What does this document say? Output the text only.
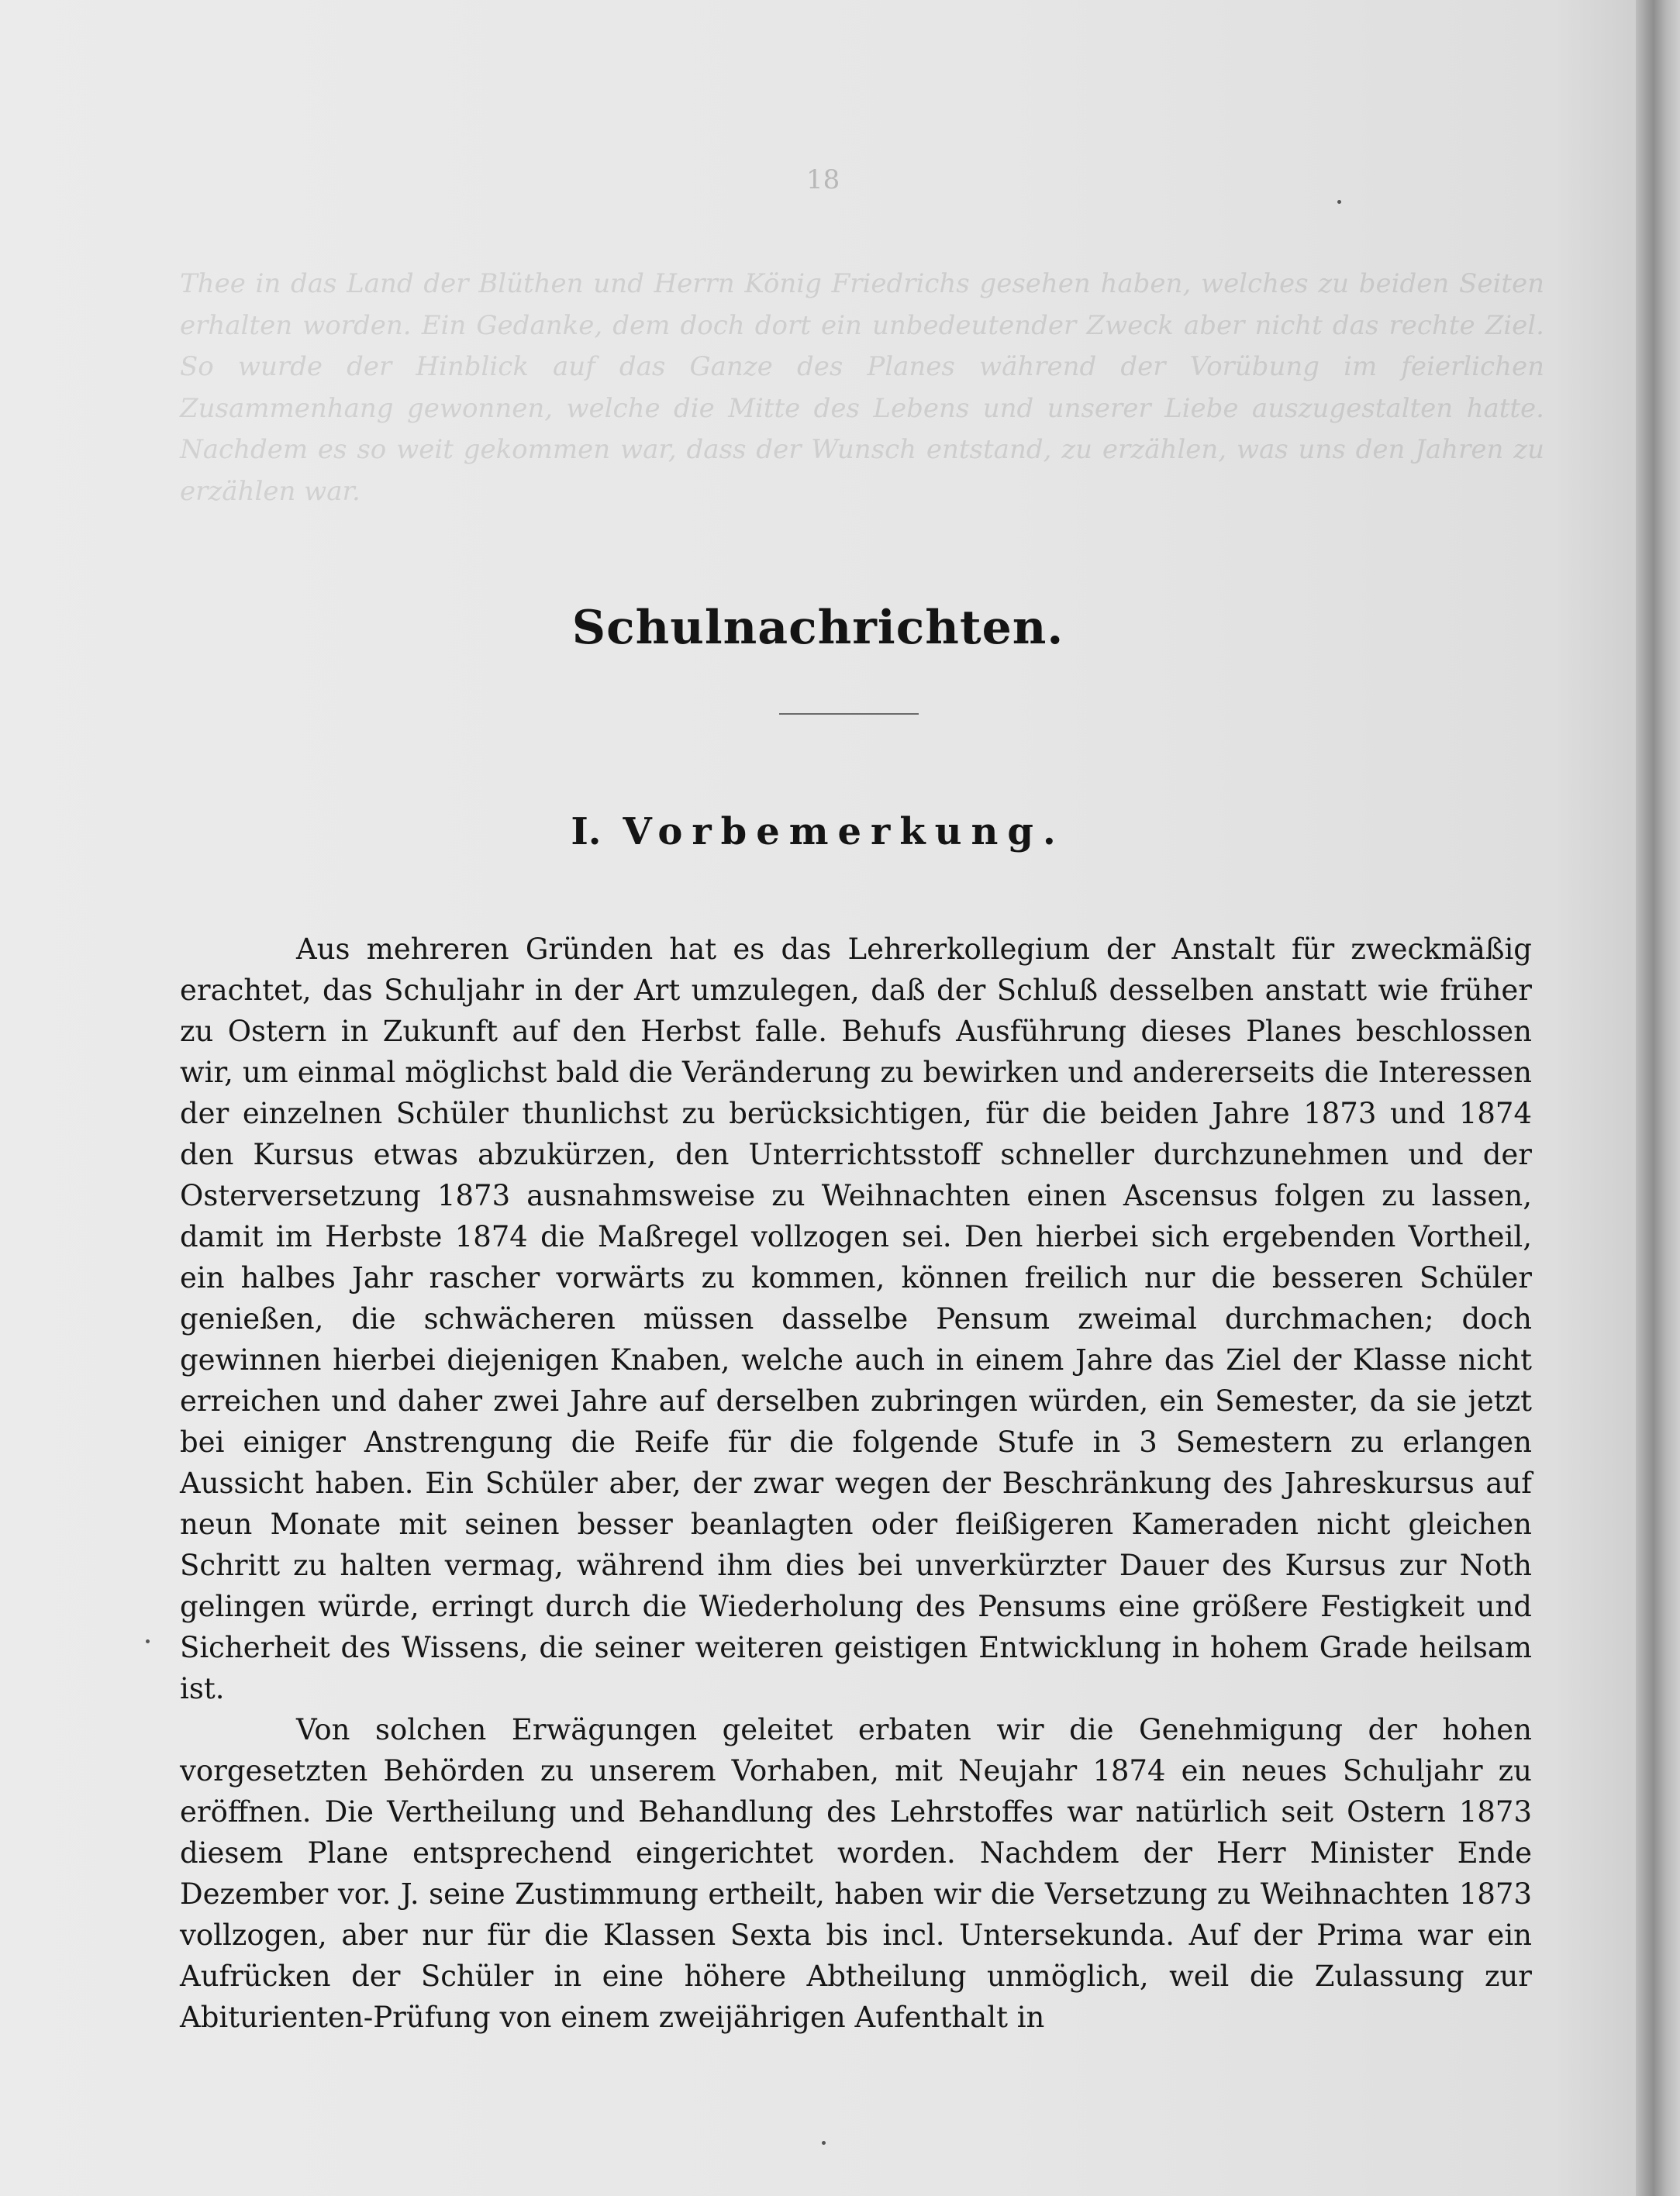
18
Thee in das Land der Blüthen und Herrn König Friedrichs gesehen haben, welches zu beiden Seiten erhalten worden. Ein Gedanke, dem doch dort ein unbedeutender Zweck aber nicht das rechte Ziel. So wurde der Hinblick auf das Ganze des Planes während der Vorübung im feierlichen Zusammenhang gewonnen, welche die Mitte des Lebens und unserer Liebe auszugestalten hatte. Nachdem es so weit gekommen war, dass der Wunsch entstand, zu erzählen, was uns den Jahren zu erzählen war.
Schulnachrichten.
I. Vorbemerkung.

Aus mehreren Gründen hat es das Lehrerkollegium der Anstalt für zweckmäßig erachtet, das Schuljahr in der Art umzulegen, daß der Schluß desselben anstatt wie früher zu Ostern in Zukunft auf den Herbst falle. Behufs Ausführung dieses Planes beschlossen wir, um einmal möglichst bald die Veränderung zu bewirken und andererseits die Interessen der einzelnen Schüler thunlichst zu berücksichtigen, für die beiden Jahre 1873 und 1874 den Kursus etwas abzukürzen, den Unterrichtsstoff schneller durchzunehmen und der Osterversetzung 1873 ausnahmsweise zu Weihnachten einen Ascensus folgen zu lassen, damit im Herbste 1874 die Maßregel vollzogen sei. Den hierbei sich ergebenden Vortheil, ein halbes Jahr rascher vorwärts zu kommen, können freilich nur die besseren Schüler genießen, die schwächeren müssen dasselbe Pensum zweimal durchmachen; doch gewinnen hierbei diejenigen Knaben, welche auch in einem Jahre das Ziel der Klasse nicht erreichen und daher zwei Jahre auf derselben zubringen würden, ein Semester, da sie jetzt bei einiger Anstrengung die Reife für die folgende Stufe in 3 Semestern zu erlangen Aussicht haben. Ein Schüler aber, der zwar wegen der Beschränkung des Jahreskursus auf neun Monate mit seinen besser beanlagten oder fleißigeren Kameraden nicht gleichen Schritt zu halten vermag, während ihm dies bei unverkürzter Dauer des Kursus zur Noth gelingen würde, erringt durch die Wiederholung des Pensums eine größere Festigkeit und Sicherheit des Wissens, die seiner weiteren geistigen Entwicklung in hohem Grade heilsam ist.

Von solchen Erwägungen geleitet erbaten wir die Genehmigung der hohen vorgesetzten Behörden zu unserem Vorhaben, mit Neujahr 1874 ein neues Schuljahr zu eröffnen. Die Vertheilung und Behandlung des Lehrstoffes war natürlich seit Ostern 1873 diesem Plane entsprechend eingerichtet worden. Nachdem der Herr Minister Ende Dezember vor. J. seine Zustimmung ertheilt, haben wir die Versetzung zu Weihnachten 1873 vollzogen, aber nur für die Klassen Sexta bis incl. Untersekunda. Auf der Prima war ein Aufrücken der Schüler in eine höhere Abtheilung unmöglich, weil die Zulassung zur Abiturienten-Prüfung von einem zweijährigen Aufenthalt in
